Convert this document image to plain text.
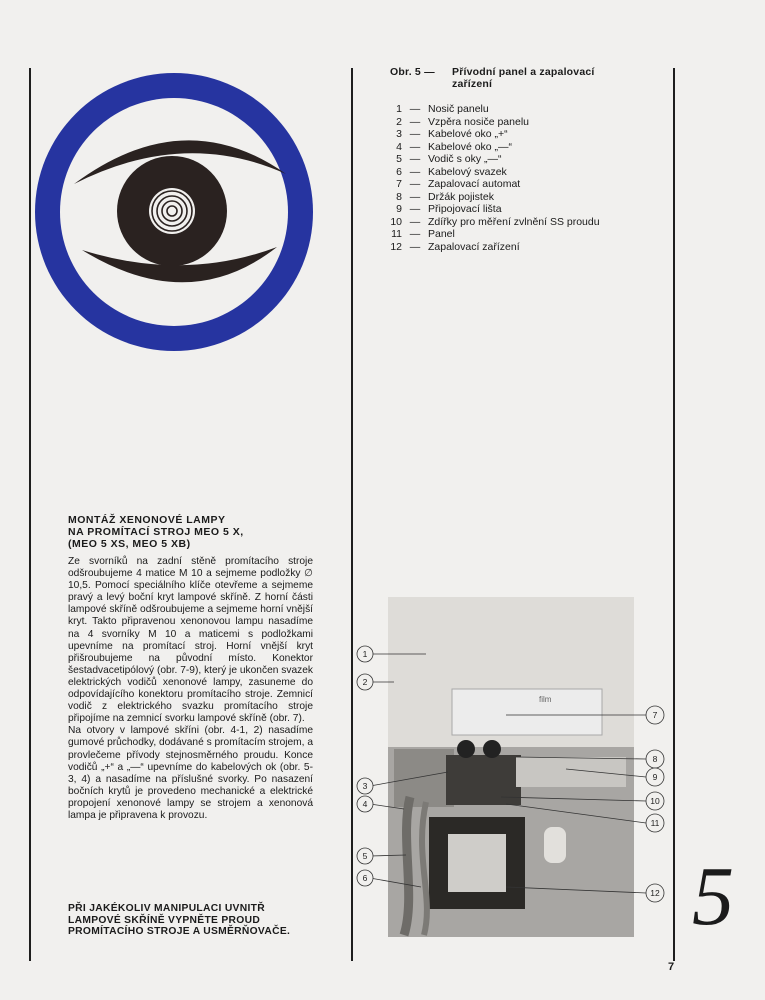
Obr. 5 — Přívodní panel a zapalovací
zařízení
1 — Nosič panelu
2 — Vzpěra nosiče panelu
3 — Kabelové oko „+“
4 — Kabelové oko „—“
5 — Vodič s oky „—“
6 — Kabelový svazek
7 — Zapalovací automat
8 — Držák pojistek
9 — Připojovací lišta
10 — Zdířky pro měření zvlnění SS proudu
11 — Panel
12 — Zapalovací zařízení
MONTÁŽ XENONOVÉ LAMPY
NA PROMÍTACÍ STROJ MEO 5 X,
(MEO 5 XS, MEO 5 XB)

Ze svorníků na zadní stěně promítacího stroje odšroubujeme 4 matice M 10 a sejmeme podložky ∅ 10,5. Pomocí speciálního klíče otevřeme a sejmeme pravý a levý boční kryt lampové skříně. Z horní části lampové skříně odšroubujeme a sejmeme horní vnější kryt. Takto připravenou xenonovou lampu nasadíme na 4 svorníky M 10 a maticemi s podložkami upevníme na promítací stroj. Horní vnější kryt přišroubujeme na původní místo. Konektor šestadvacetipólový (obr. 7-9), který je ukončen svazek elektrických vodičů xenonové lampy, zasuneme do odpovídajícího konektoru promítacího stroje. Zemnicí vodič z elektrického svazku promítacího stroje připojíme na zemnicí svorku lampové skříně (obr. 7).

Na otvory v lampové skříni (obr. 4-1, 2) nasadíme gumové průchodky, dodávané s promítacím strojem, a provlečeme přívody stejnosměrného proudu. Konce vodičů „+“ a „—“ upevníme do kabelových ok (obr. 5-3, 4) a nasadíme na příslušné svorky. Po nasazení bočních krytů je provedeno mechanické a elektrické propojení xenonové lampy se strojem a xenonová lampa je připravena k provozu.

PŘI JAKÉKOLIV MANIPULACI UVNITŘ LAMPOVÉ SKŘÍNĚ VYPNĚTE PROUD PROMÍTACÍHO STROJE A USMĚRŇOVAČE.
film
1
2
3
4
5
6
7
8
9
10
11
12 5
7
